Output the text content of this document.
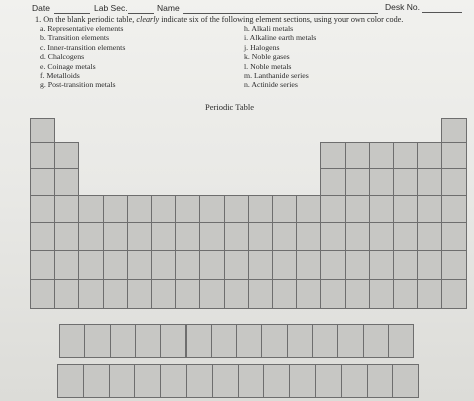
Date	Lab Sec.	Name	Desk No.
1. On the blank periodic table, clearly indicate six of the following element sections, using your own color code.
a. Representative elements
b. Transition elements
c. Inner-transition elements
d. Chalcogens
e. Coinage metals
f. Metalloids
g. Post-transition metals
h. Alkali metals
i. Alkaline earth metals
j. Halogens
k. Noble gases
l. Noble metals
m. Lanthanide series
n. Actinide series
Periodic Table
